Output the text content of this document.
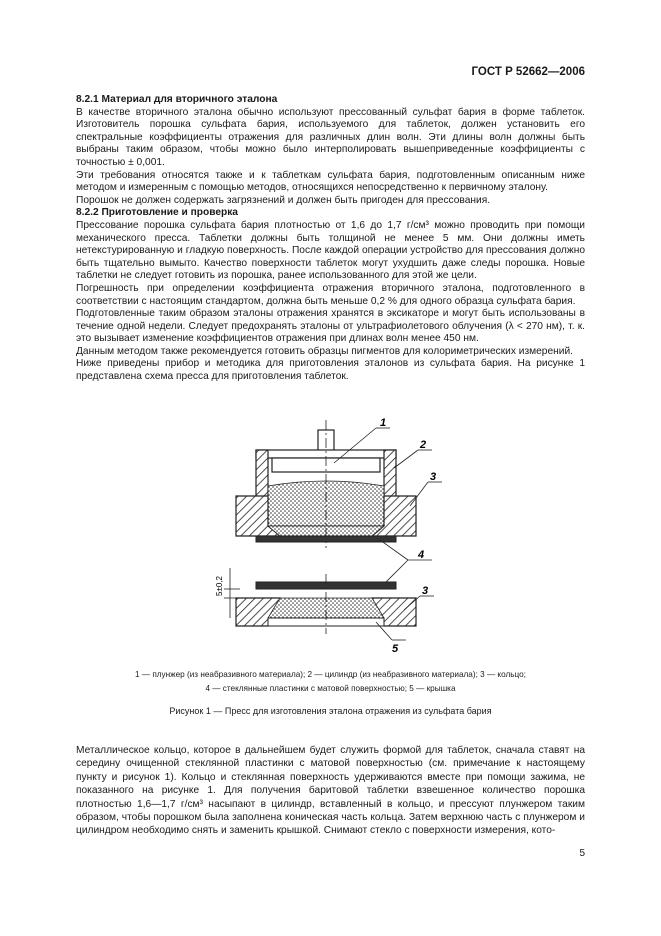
ГОСТ Р 52662—2006

8.2.1 Материал для вторичного эталона

В качестве вторичного эталона обычно используют прессованный сульфат бария в форме таблеток. Изготовитель порошка сульфата бария, используемого для таблеток, должен установить его спектральные коэффициенты отражения для различных длин волн. Эти длины волн должны быть выбраны таким образом, чтобы можно было интерполировать вышеприведенные коэффициенты с точностью ± 0,001.

Эти требования относятся также и к таблеткам сульфата бария, подготовленным описанным ниже методом и измеренным с помощью методов, относящихся непосредственно к первичному эталону.

Порошок не должен содержать загрязнений и должен быть пригоден для прессования.

8.2.2 Приготовление и проверка

Прессование порошка сульфата бария плотностью от 1,6 до 1,7 г/см³ можно проводить при помощи механического пресса. Таблетки должны быть толщиной не менее 5 мм. Они должны иметь нетекстурированную и гладкую поверхность. После каждой операции устройство для прессования должно быть тщательно вымыто. Качество поверхности таблеток могут ухудшить даже следы порошка. Новые таблетки не следует готовить из порошка, ранее использованного для этой же цели.

Погрешность при определении коэффициента отражения вторичного эталона, подготовленного в соответствии с настоящим стандартом, должна быть меньше 0,2 % для одного образца сульфата бария.

Подготовленные таким образом эталоны отражения хранятся в эксикаторе и могут быть использованы в течение одной недели. Следует предохранять эталоны от ультрафиолетового облучения (λ < 270 нм), т. к. это вызывает изменение коэффициентов отражения при длинах волн менее 450 нм.

Данным методом также рекомендуется готовить образцы пигментов для колориметрических измерений.

Ниже приведены прибор и методика для приготовления эталонов из сульфата бария. На рисунке 1 представлена схема пресса для приготовления таблеток.

1
2
3
4
5±0,2	3
5
1 — плунжер (из неабразивного материала); 2 — цилиндр (из неабразивного материала); 3 — кольцо;
4 — стеклянные пластинки с матовой поверхностью; 5 — крышка
Рисунок 1 — Пресс для изготовления эталона отражения из сульфата бария

Металлическое кольцо, которое в дальнейшем будет служить формой для таблеток, сначала ставят на середину очищенной стеклянной пластинки с матовой поверхностью (см. примечание к настоящему пункту и рисунок 1). Кольцо и стеклянная поверхность удерживаются вместе при помощи зажима, не показанного на рисунке 1. Для получения баритовой таблетки взвешенное количество порошка плотностью 1,6—1,7 г/см³ насыпают в цилиндр, вставленный в кольцо, и прессуют плунжером таким образом, чтобы порошком была заполнена коническая часть кольца. Затем верхнюю часть с плунжером и цилиндром необходимо снять и заменить крышкой. Снимают стекло с поверхности измерения, кото-

5
